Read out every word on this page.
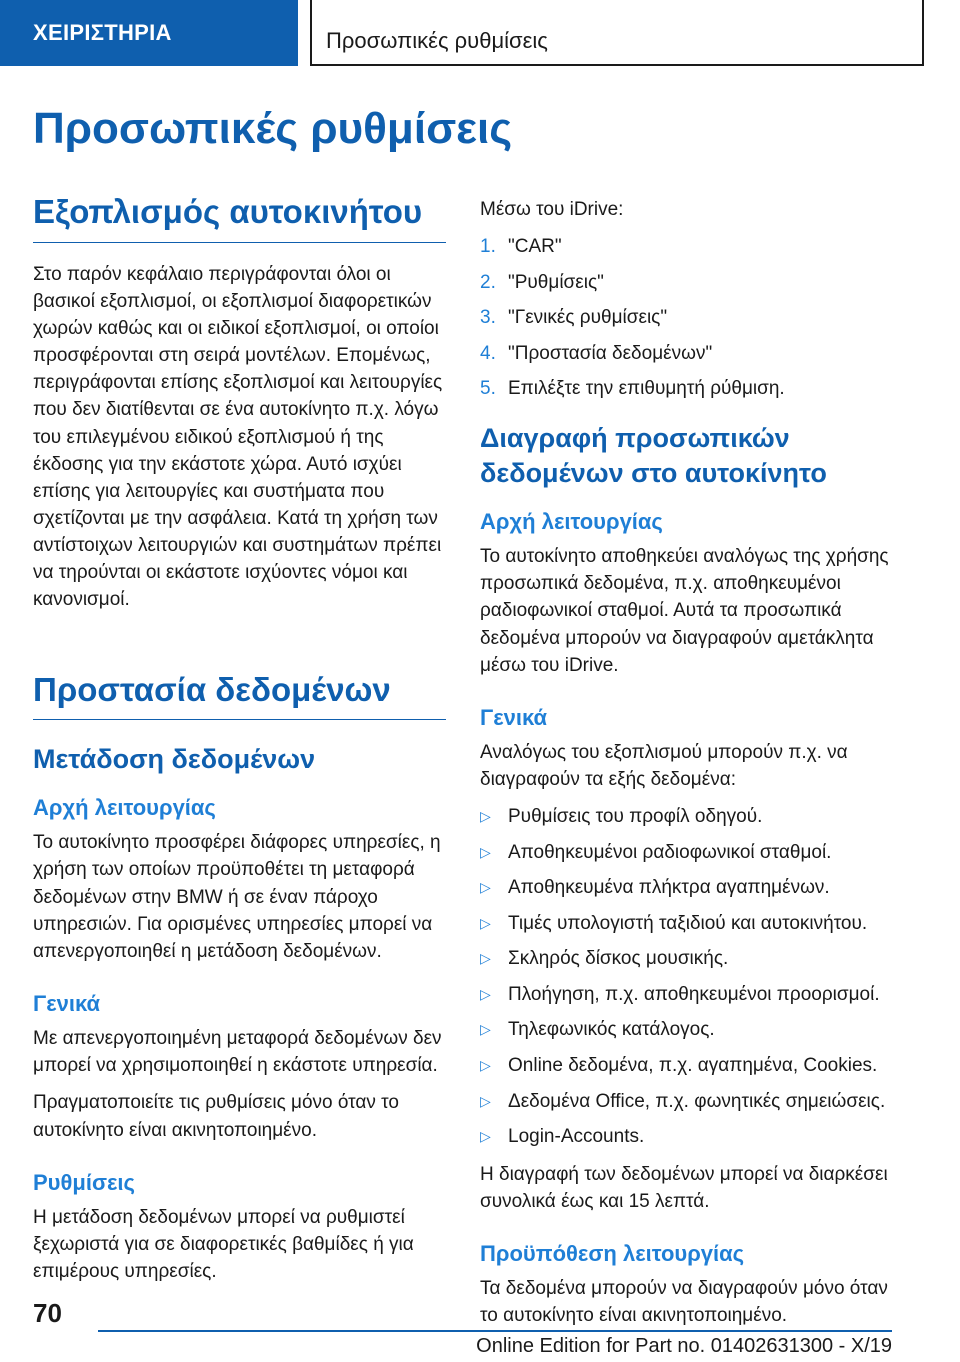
ΧΕΙΡΙΣΤΗΡΙΑ	Προσωπικές ρυθμίσεις
Προσωπικές ρυθμίσεις
Εξοπλισμός αυτοκινήτου

Στο παρόν κεφάλαιο περιγράφονται όλοι οι βασικοί εξοπλισμοί, οι εξοπλισμοί διαφορετικών χωρών καθώς και οι ειδικοί εξοπλισμοί, οι οποίοι προσφέρονται στη σειρά μοντέλων. Επομένως, περιγράφονται επίσης εξοπλισμοί και λειτουργίες που δεν διατίθενται σε ένα αυτοκίνητο π.χ. λόγω του επιλεγμένου ειδικού εξοπλισμού ή της έκδοσης για την εκάστοτε χώρα. Αυτό ισχύει επίσης για λειτουργίες και συστήματα που σχετίζονται με την ασφάλεια. Κατά τη χρήση των αντίστοιχων λειτουργιών και συστημάτων πρέπει να τηρούνται οι εκάστοτε ισχύοντες νόμοι και κανονισμοί.

Προστασία δεδομένων
Μετάδοση δεδομένων
Αρχή λειτουργίας

Το αυτοκίνητο προσφέρει διάφορες υπηρεσίες, η χρήση των οποίων προϋποθέτει τη μεταφορά δεδομένων στην BMW ή σε έναν πάροχο υπηρεσιών. Για ορισμένες υπηρεσίες μπορεί να απενεργοποιηθεί η μετάδοση δεδομένων.

Γενικά

Με απενεργοποιημένη μεταφορά δεδομένων δεν μπορεί να χρησιμοποιηθεί η εκάστοτε υπηρεσία.

Πραγματοποιείτε τις ρυθμίσεις μόνο όταν το αυτοκίνητο είναι ακινητοποιημένο.

Ρυθμίσεις

Η μετάδοση δεδομένων μπορεί να ρυθμιστεί ξεχωριστά για σε διαφορετικές βαθμίδες ή για επιμέρους υπηρεσίες.

Μέσω του iDrive:

1. "CAR"
2. "Ρυθμίσεις"
3. "Γενικές ρυθμίσεις"
4. "Προστασία δεδομένων"
5. Επιλέξτε την επιθυμητή ρύθμιση.
Διαγραφή προσωπικών δεδομένων στο αυτοκίνητο
Αρχή λειτουργίας

Το αυτοκίνητο αποθηκεύει αναλόγως της χρήσης προσωπικά δεδομένα, π.χ. αποθηκευμένοι ραδιοφωνικοί σταθμοί. Αυτά τα προσωπικά δεδομένα μπορούν να διαγραφούν αμετάκλητα μέσω του iDrive.

Γενικά

Αναλόγως του εξοπλισμού μπορούν π.χ. να διαγραφούν τα εξής δεδομένα:

▷ Ρυθμίσεις του προφίλ οδηγού.
▷ Αποθηκευμένοι ραδιοφωνικοί σταθμοί.
▷ Αποθηκευμένα πλήκτρα αγαπημένων.
▷ Τιμές υπολογιστή ταξιδιού και αυτοκινήτου.
▷ Σκληρός δίσκος μουσικής.
▷ Πλοήγηση, π.χ. αποθηκευμένοι προορισμοί.
▷ Τηλεφωνικός κατάλογος.
▷ Online δεδομένα, π.χ. αγαπημένα, Cookies.
▷ Δεδομένα Office, π.χ. φωνητικές σημειώσεις.
▷ Login-Accounts.

Η διαγραφή των δεδομένων μπορεί να διαρκέσει συνολικά έως και 15 λεπτά.

Προϋπόθεση λειτουργίας

Τα δεδομένα μπορούν να διαγραφούν μόνο όταν το αυτοκίνητο είναι ακινητοποιημένο.

70
Online Edition for Part no. 01402631300 - X/19
